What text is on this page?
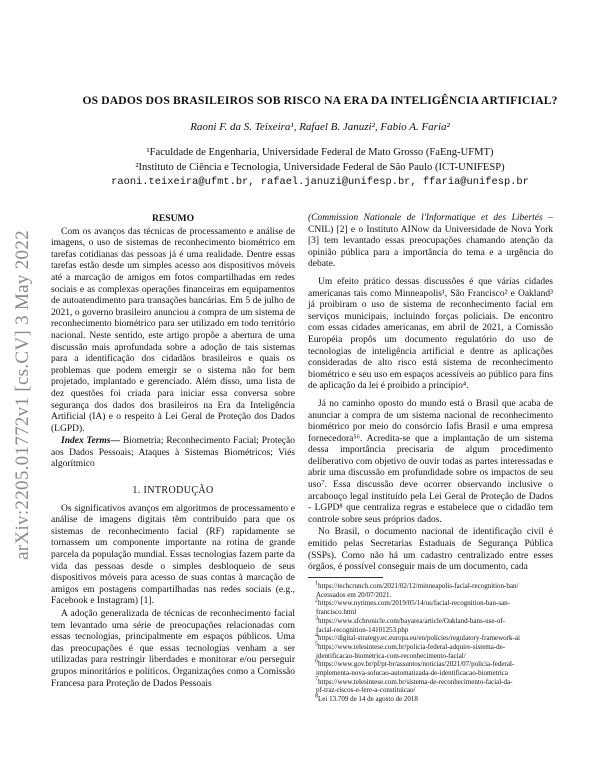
arXiv:2205.01772v1 [cs.CV] 3 May 2022
OS DADOS DOS BRASILEIROS SOB RISCO NA ERA DA INTELIGÊNCIA ARTIFICIAL?
Raoni F. da S. Teixeira¹, Rafael B. Januzi², Fabio A. Faria²
¹Faculdade de Engenharia, Universidade Federal de Mato Grosso (FaEng-UFMT)
²Instituto de Ciência e Tecnologia, Universidade Federal de São Paulo (ICT-UNIFESP)
raoni.teixeira@ufmt.br, rafael.januzi@unifesp.br, ffaria@unifesp.br
RESUMO

Com os avanços das técnicas de processamento e análise de imagens, o uso de sistemas de reconhecimento biométrico em tarefas cotidianas das pessoas já é uma realidade. Dentre essas tarefas estão desde um simples acesso aos dispositivos móveis até a marcação de amigos em fotos compartilhadas em redes sociais e as complexas operações financeiras em equipamentos de autoatendimento para transações bancárias. Em 5 de julho de 2021, o governo brasileiro anunciou a compra de um sistema de reconhecimento biométrico para ser utilizado em todo território nacional. Neste sentido, este artigo propõe a abertura de uma discussão mais aprofundada sobre a adoção de tais sistemas para a identificação dos cidadãos brasileiros e quais os problemas que podem emergir se o sistema não for bem projetado, implantado e gerenciado. Além disso, uma lista de dez questões foi criada para iniciar essa conversa sobre segurança dos dados dos brasileiros na Era da Inteligência Artificial (IA) e o respeito à Lei Geral de Proteção dos Dados (LGPD).

Index Terms— Biometria; Reconhecimento Facial; Proteção aos Dados Pessoais; Ataques à Sistemas Biométricos; Viés algorítmico

1. INTRODUÇÃO

Os significativos avanços em algoritmos de processamento e análise de imagens digitais têm contribuído para que os sistemas de reconhecimento facial (RF) rapidamente se tornassem um componente importante na rotina de grande parcela da população mundial. Essas tecnologias fazem parte da vida das pessoas desde o simples desbloqueio de seus dispositivos móveis para acesso de suas contas à marcação de amigos em postagens compartilhadas nas redes sociais (e.g., Facebook e Instagram) [1].

A adoção generalizada de técnicas de reconhecimento facial tem levantado uma série de preocupações relacionadas com essas tecnologias, principalmente em espaços públicos. Uma das preocupações é que essas tecnologias venham a ser utilizadas para restringir liberdades e monitorar e/ou perseguir grupos minoritários e políticos. Organizações como a Comissão Francesa para Proteção de Dados Pessoais

(Commission Nationale de l'Informatique et des Libertés – CNIL) [2] e o Instituto AINow da Universidade de Nova York [3] tem levantado essas preocupações chamando atenção da opinião pública para a importância do tema e a urgência do debate.

Um efeito prático dessas discussões é que várias cidades americanas tais como Minneapolis¹, São Francisco² e Oakland³ já proibiram o uso de sistema de reconhecimento facial em serviços municipais, incluindo forças policiais. De encontro com essas cidades americanas, em abril de 2021, a Comissão Européia propôs um documento regulatório do uso de tecnologias de inteligência artificial e dentre as aplicações consideradas de alto risco está sistema de reconhecimento biométrico e seu uso em espaços acessíveis ao público para fins de aplicação da lei é proibido a princípio⁴.

Já no caminho oposto do mundo está o Brasil que acaba de anunciar a compra de um sistema nacional de reconhecimento biométrico por meio do consórcio Iafis Brasil e uma empresa fornecedora⁵⁶. Acredita-se que a implantação de um sistema dessa importância precisaria de algum procedimento deliberativo com objetivo de ouvir todas as partes interessadas e abrir uma discussão em profundidade sobre os impactos de seu uso⁷. Essa discussão deve ocorrer observando inclusive o arcabouço legal instituído pela Lei Geral de Proteção de Dados - LGPD⁸ que centraliza regras e estabelece que o cidadão tem controle sobre seus próprios dados.

No Brasil, o documento nacional de identificação civil é emitido pelas Secretarias Estaduais de Segurança Pública (SSPs). Como não há um cadastro centralizado entre esses órgãos, é possível conseguir mais de um documento, cada

$^1$https://techcrunch.com/2021/02/12/minneapolis-facial-recognition-ban/

Acessados em 20/07/2021.

$^2$https://www.nytimes.com/2019/05/14/us/facial-recognition-ban-san-

francisco.html

$^3$https://www.sfchronicle.com/bayarea/article/Oakland-bans-use-of-

facial-recognition-14101253.php

$^4$https://digital-strategy.ec.europa.eu/en/policies/regulatory-framework-ai

$^5$https://www.telesintese.com.br/policia-federal-adquire-sistema-de-

identificacao-biometrica-com-reconhecimento-facial/

$^6$https://www.gov.br/pf/pt-br/assuntos/noticias/2021/07/policia-federal-

implementa-nova-solucao-automatizada-de-identificacao-biometrica

$^7$https://www.telesintese.com.br/sistema-de-reconhecimento-facial-da-

pf-traz-riscos-e-fere-a-constituicao/

$^8$Lei 13.709 de 14 de agosto de 2018
